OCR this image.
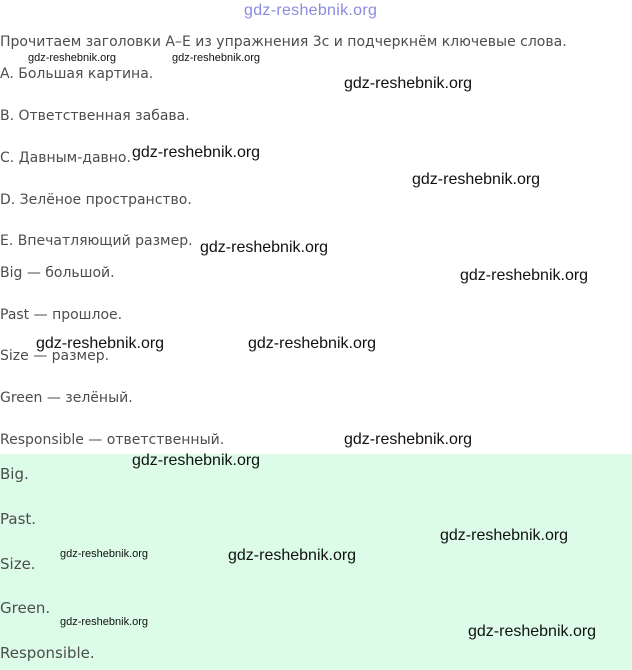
gdz-reshebnik.org
Прочитаем заголовки A–E из упражнения 3c и подчеркнём ключевые слова.
A. Большая картина.
B. Ответственная забава.
C. Давным-давно.
D. Зелёное пространство.
E. Впечатляющий размер.
Big — большой.
Past — прошлое.
Size — размер.
Green — зелёный.
Responsible — ответственный.
Big.
Past.
Size.
Green.
Responsible.
gdz-reshebnik.org	gdz-reshebnik.org
gdz-reshebnik.org
gdz-reshebnik.org
gdz-reshebnik.org
gdz-reshebnik.org
gdz-reshebnik.org
gdz-reshebnik.org	gdz-reshebnik.org
gdz-reshebnik.org
gdz-reshebnik.org
gdz-reshebnik.org
gdz-reshebnik.org	gdz-reshebnik.org
gdz-reshebnik.org
gdz-reshebnik.org
